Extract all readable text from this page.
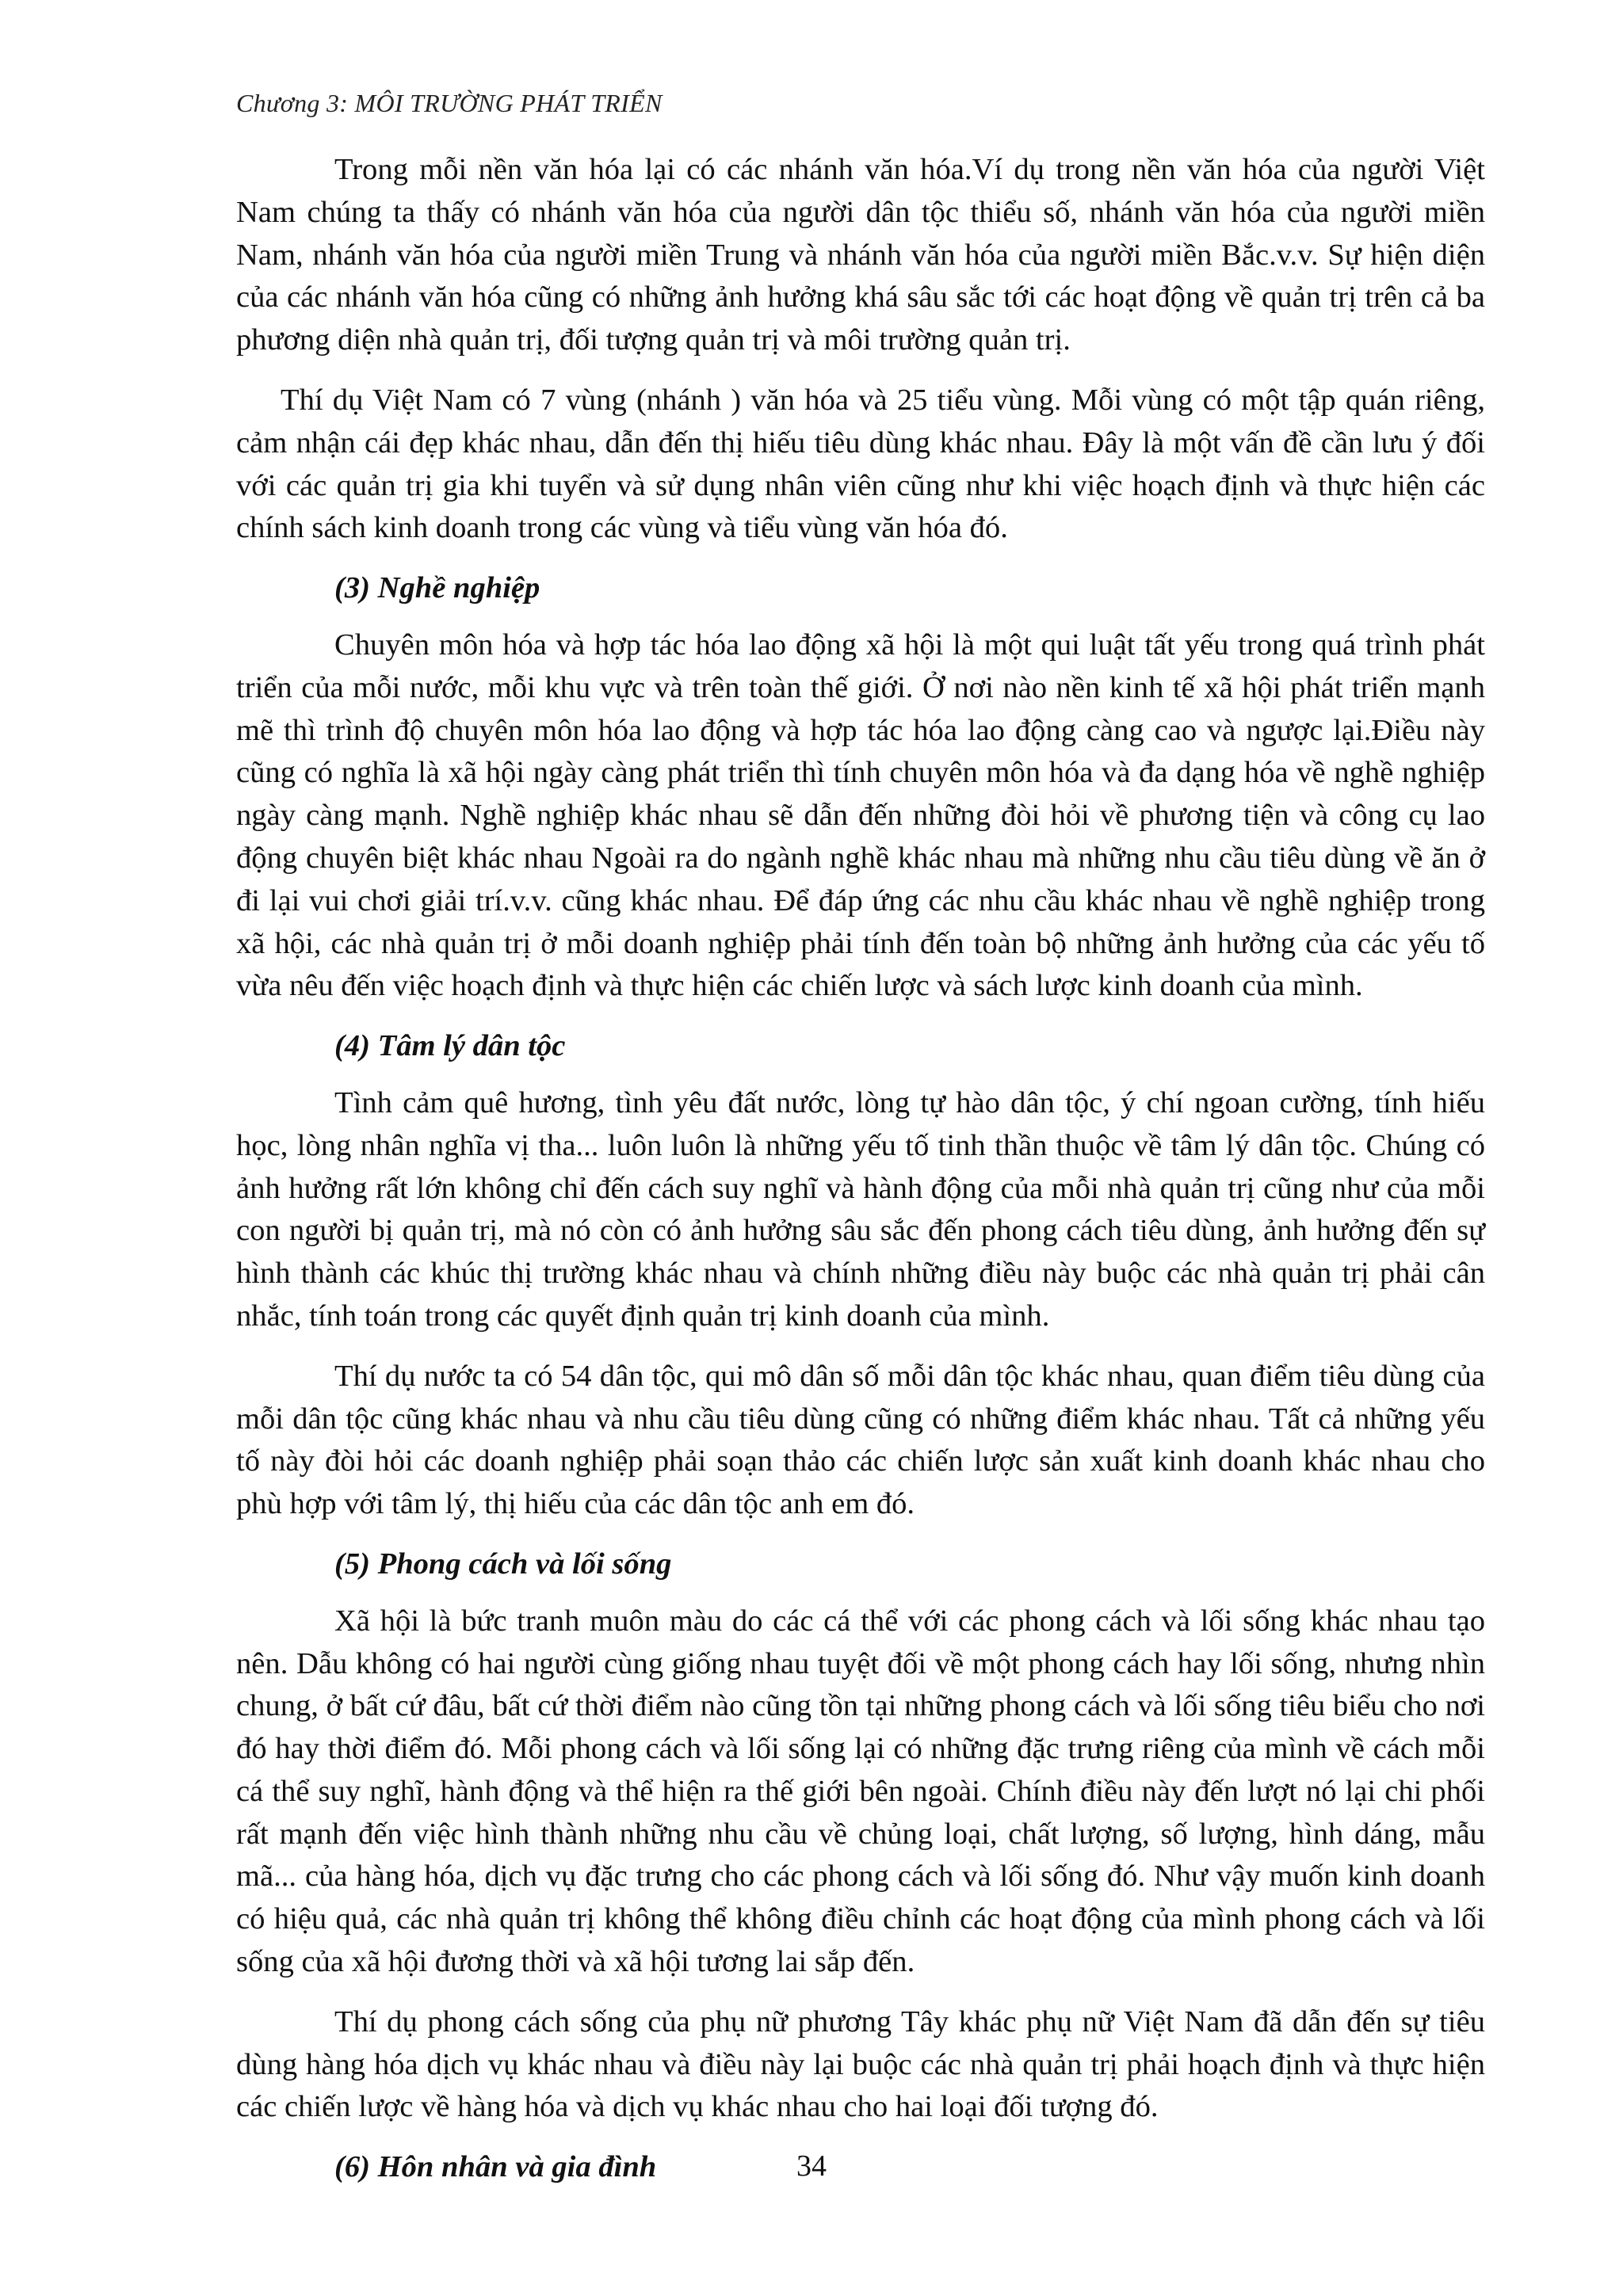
Chương 3: MÔI TRƯỜNG PHÁT TRIỂN

Trong mỗi nền văn hóa lại có các nhánh văn hóa.Ví dụ trong nền văn hóa của người Việt Nam chúng ta thấy có nhánh văn hóa của người dân tộc thiểu số, nhánh văn hóa của người miền Nam, nhánh văn hóa của người miền Trung và nhánh văn hóa của người miền Bắc.v.v. Sự hiện diện của các nhánh văn hóa cũng có những ảnh hưởng khá sâu sắc tới các hoạt động về quản trị trên cả ba phương diện nhà quản trị, đối tượng quản trị và môi trường quản trị.

Thí dụ Việt Nam có 7 vùng (nhánh ) văn hóa và 25 tiểu vùng. Mỗi vùng có một tập quán riêng, cảm nhận cái đẹp khác nhau, dẫn đến thị hiếu tiêu dùng khác nhau. Đây là một vấn đề cần lưu ý đối với các quản trị gia khi tuyển và sử dụng nhân viên cũng như khi việc hoạch định và thực hiện các chính sách kinh doanh trong các vùng và tiểu vùng văn hóa đó.

(3) Nghề nghiệp

Chuyên môn hóa và hợp tác hóa lao động xã hội là một qui luật tất yếu trong quá trình phát triển của mỗi nước, mỗi khu vực và trên toàn thế giới. Ở nơi nào nền kinh tế xã hội phát triển mạnh mẽ thì trình độ chuyên môn hóa lao động và hợp tác hóa lao động càng cao và ngược lại.Điều này cũng có nghĩa là xã hội ngày càng phát triển thì tính chuyên môn hóa và đa dạng hóa về nghề nghiệp ngày càng mạnh. Nghề nghiệp khác nhau sẽ dẫn đến những đòi hỏi về phương tiện và công cụ lao động chuyên biệt khác nhau Ngoài ra do ngành nghề khác nhau mà những nhu cầu tiêu dùng về ăn ở đi lại vui chơi giải trí.v.v. cũng khác nhau. Để đáp ứng các nhu cầu khác nhau về nghề nghiệp trong xã hội, các nhà quản trị ở mỗi doanh nghiệp phải tính đến toàn bộ những ảnh hưởng của các yếu tố vừa nêu đến việc hoạch định và thực hiện các chiến lược và sách lược kinh doanh của mình.

(4) Tâm lý dân tộc

Tình cảm quê hương, tình yêu đất nước, lòng tự hào dân tộc, ý chí ngoan cường, tính hiếu học, lòng nhân nghĩa vị tha... luôn luôn là những yếu tố tinh thần thuộc về tâm lý dân tộc. Chúng có ảnh hưởng rất lớn không chỉ đến cách suy nghĩ và hành động của mỗi nhà quản trị cũng như của mỗi con người bị quản trị, mà nó còn có ảnh hưởng sâu sắc đến phong cách tiêu dùng, ảnh hưởng đến sự hình thành các khúc thị trường khác nhau và chính những điều này buộc các nhà quản trị phải cân nhắc, tính toán trong các quyết định quản trị kinh doanh của mình.

Thí dụ nước ta có 54 dân tộc, qui mô dân số mỗi dân tộc khác nhau, quan điểm tiêu dùng của mỗi dân tộc cũng khác nhau và nhu cầu tiêu dùng cũng có những điểm khác nhau. Tất cả những yếu tố này đòi hỏi các doanh nghiệp phải soạn thảo các chiến lược sản xuất kinh doanh khác nhau cho phù hợp với tâm lý, thị hiếu của các dân tộc anh em đó.

(5) Phong cách và lối sống

Xã hội là bức tranh muôn màu do các cá thể với các phong cách và lối sống khác nhau tạo nên. Dẫu không có hai người cùng giống nhau tuyệt đối về một phong cách hay lối sống, nhưng nhìn chung, ở bất cứ đâu, bất cứ thời điểm nào cũng tồn tại những phong cách và lối sống tiêu biểu cho nơi đó hay thời điểm đó. Mỗi phong cách và lối sống lại có những đặc trưng riêng của mình về cách mỗi cá thể suy nghĩ, hành động và thể hiện ra thế giới bên ngoài. Chính điều này đến lượt nó lại chi phối rất mạnh đến việc hình thành những nhu cầu về chủng loại, chất lượng, số lượng, hình dáng, mẫu mã... của hàng hóa, dịch vụ đặc trưng cho các phong cách và lối sống đó. Như vậy muốn kinh doanh có hiệu quả, các nhà quản trị không thể không điều chỉnh các hoạt động của mình phong cách và lối sống của xã hội đương thời và xã hội tương lai sắp đến.

Thí dụ phong cách sống của phụ nữ phương Tây khác phụ nữ Việt Nam đã dẫn đến sự tiêu dùng hàng hóa dịch vụ khác nhau và điều này lại buộc các nhà quản trị phải hoạch định và thực hiện các chiến lược về hàng hóa và dịch vụ khác nhau cho hai loại đối tượng đó.

(6) Hôn nhân và gia đình	34
